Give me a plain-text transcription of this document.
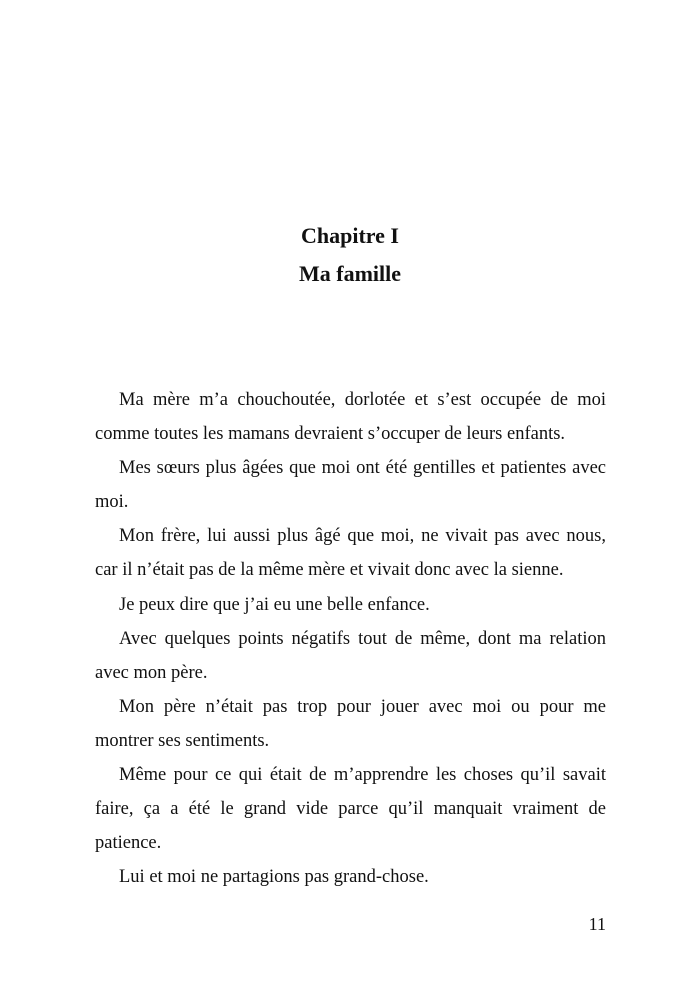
Chapitre I
Ma famille

Ma mère m’a chouchoutée, dorlotée et s’est occupée de moi comme toutes les mamans devraient s’occuper de leurs enfants.

Mes sœurs plus âgées que moi ont été gentilles et patientes avec moi.

Mon frère, lui aussi plus âgé que moi, ne vivait pas avec nous, car il n’était pas de la même mère et vivait donc avec la sienne.

Je peux dire que j’ai eu une belle enfance.

Avec quelques points négatifs tout de même, dont ma relation avec mon père.

Mon père n’était pas trop pour jouer avec moi ou pour me montrer ses sentiments.

Même pour ce qui était de m’apprendre les choses qu’il savait faire, ça a été le grand vide parce qu’il manquait vraiment de patience.

Lui et moi ne partagions pas grand-chose.

11
